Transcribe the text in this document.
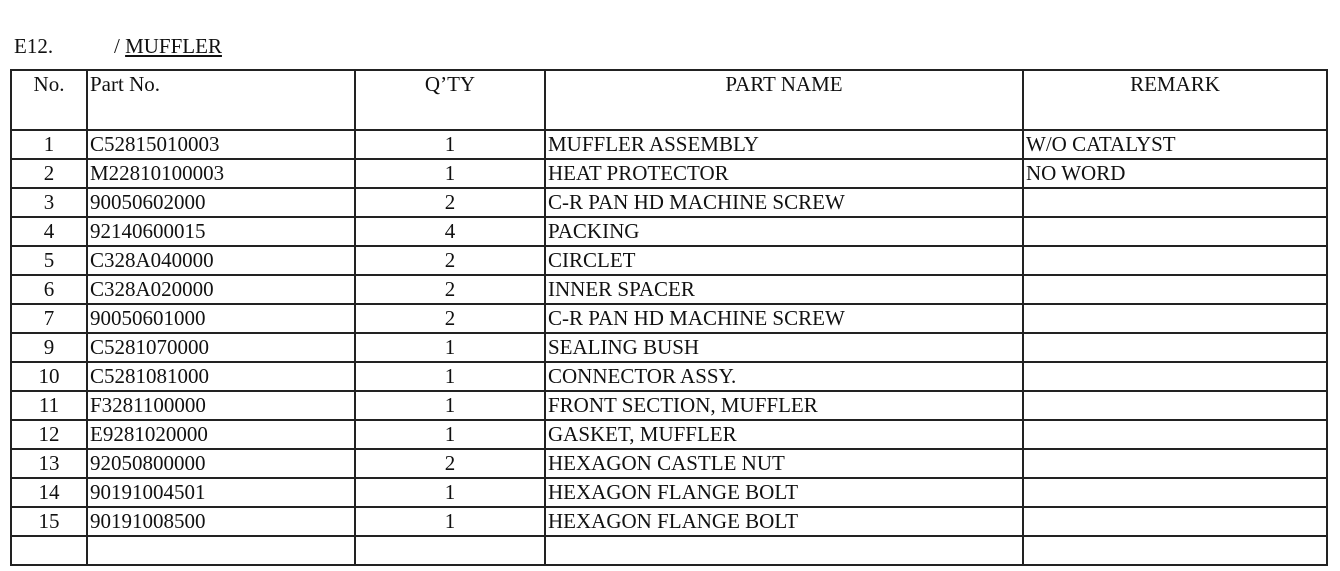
E12.	/ MUFFLER
No.	Part No.	Q’TY	PART NAME	REMARK
1	C52815010003	1	MUFFLER ASSEMBLY	W/O CATALYST
2	M22810100003	1	HEAT PROTECTOR	NO WORD
3	90050602000	2	C-R PAN HD MACHINE SCREW	
4	92140600015	4	PACKING	
5	C328A040000	2	CIRCLET	
6	C328A020000	2	INNER SPACER	
7	90050601000	2	C-R PAN HD MACHINE SCREW	
9	C5281070000	1	SEALING BUSH	
10	C5281081000	1	CONNECTOR ASSY.	
11	F3281100000	1	FRONT SECTION, MUFFLER	
12	E9281020000	1	GASKET, MUFFLER	
13	92050800000	2	HEXAGON CASTLE NUT	
14	90191004501	1	HEXAGON FLANGE BOLT	
15	90191008500	1	HEXAGON FLANGE BOLT	
